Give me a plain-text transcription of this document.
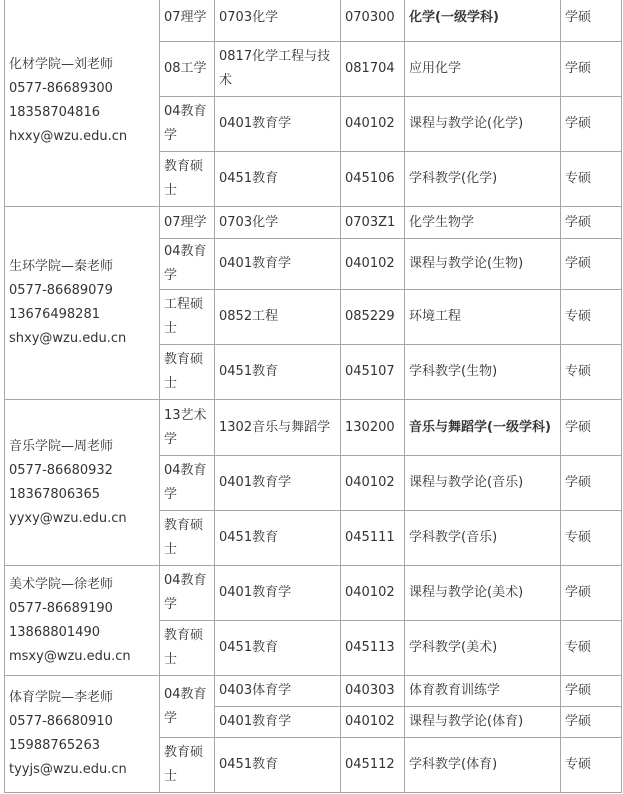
化材学院—刘老师
0577-86689300
18358704816
hxxy@wzu.edu.cn	07理学	0703化学	070300	化学(一级学科)	学硕
	08工学	0817化学工程与技术	081704	应用化学	学硕
	04教育学	0401教育学	040102	课程与教学论(化学)	学硕
	教育硕士	0451教育	045106	学科教学(化学)	专硕

生环学院—秦老师
0577-86689079
13676498281
shxy@wzu.edu.cn	07理学	0703化学	0703Z1	化学生物学	学硕
	04教育学	0401教育学	040102	课程与教学论(生物)	学硕
	工程硕士	0852工程	085229	环境工程	专硕
	教育硕士	0451教育	045107	学科教学(生物)	专硕

音乐学院—周老师
0577-86680932
18367806365
yyxy@wzu.edu.cn	13艺术学	1302音乐与舞蹈学	130200	音乐与舞蹈学(一级学科)	学硕
	04教育学	0401教育学	040102	课程与教学论(音乐)	学硕
	教育硕士	0451教育	045111	学科教学(音乐)	专硕

美术学院—徐老师
0577-86689190
13868801490
msxy@wzu.edu.cn	04教育学	0401教育学	040102	课程与教学论(美术)	学硕
	教育硕士	0451教育	045113	学科教学(美术)	专硕

体育学院—李老师
0577-86680910
15988765263
tyyjs@wzu.edu.cn	04教育学	0403体育学	040303	体育教育训练学	学硕
		0401教育学	040102	课程与教学论(体育)	学硕
	教育硕士	0451教育	045112	学科教学(体育)	专硕
